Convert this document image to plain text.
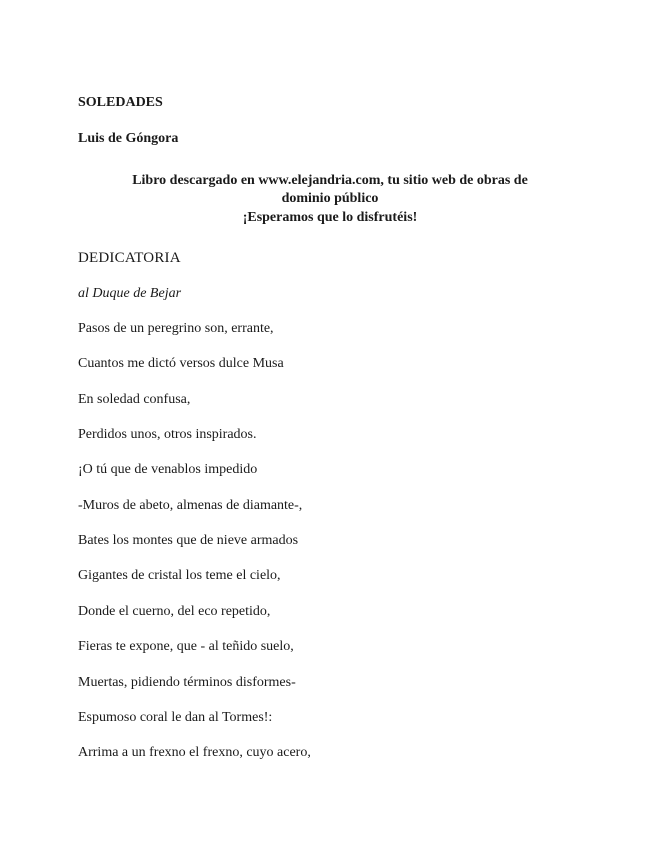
SOLEDADES
Luis de Góngora
Libro descargado en www.elejandria.com, tu sitio web de obras de
dominio público
¡Esperamos que lo disfrutéis!
DEDICATORIA
al Duque de Bejar
Pasos de un peregrino son, errante,
Cuantos me dictó versos dulce Musa
En soledad confusa,
Perdidos unos, otros inspirados.
¡O tú que de venablos impedido
-Muros de abeto, almenas de diamante-,
Bates los montes que de nieve armados
Gigantes de cristal los teme el cielo,
Donde el cuerno, del eco repetido,
Fieras te expone, que - al teñido suelo,
Muertas, pidiendo términos disformes-
Espumoso coral le dan al Tormes!:
Arrima a un frexno el frexno, cuyo acero,
